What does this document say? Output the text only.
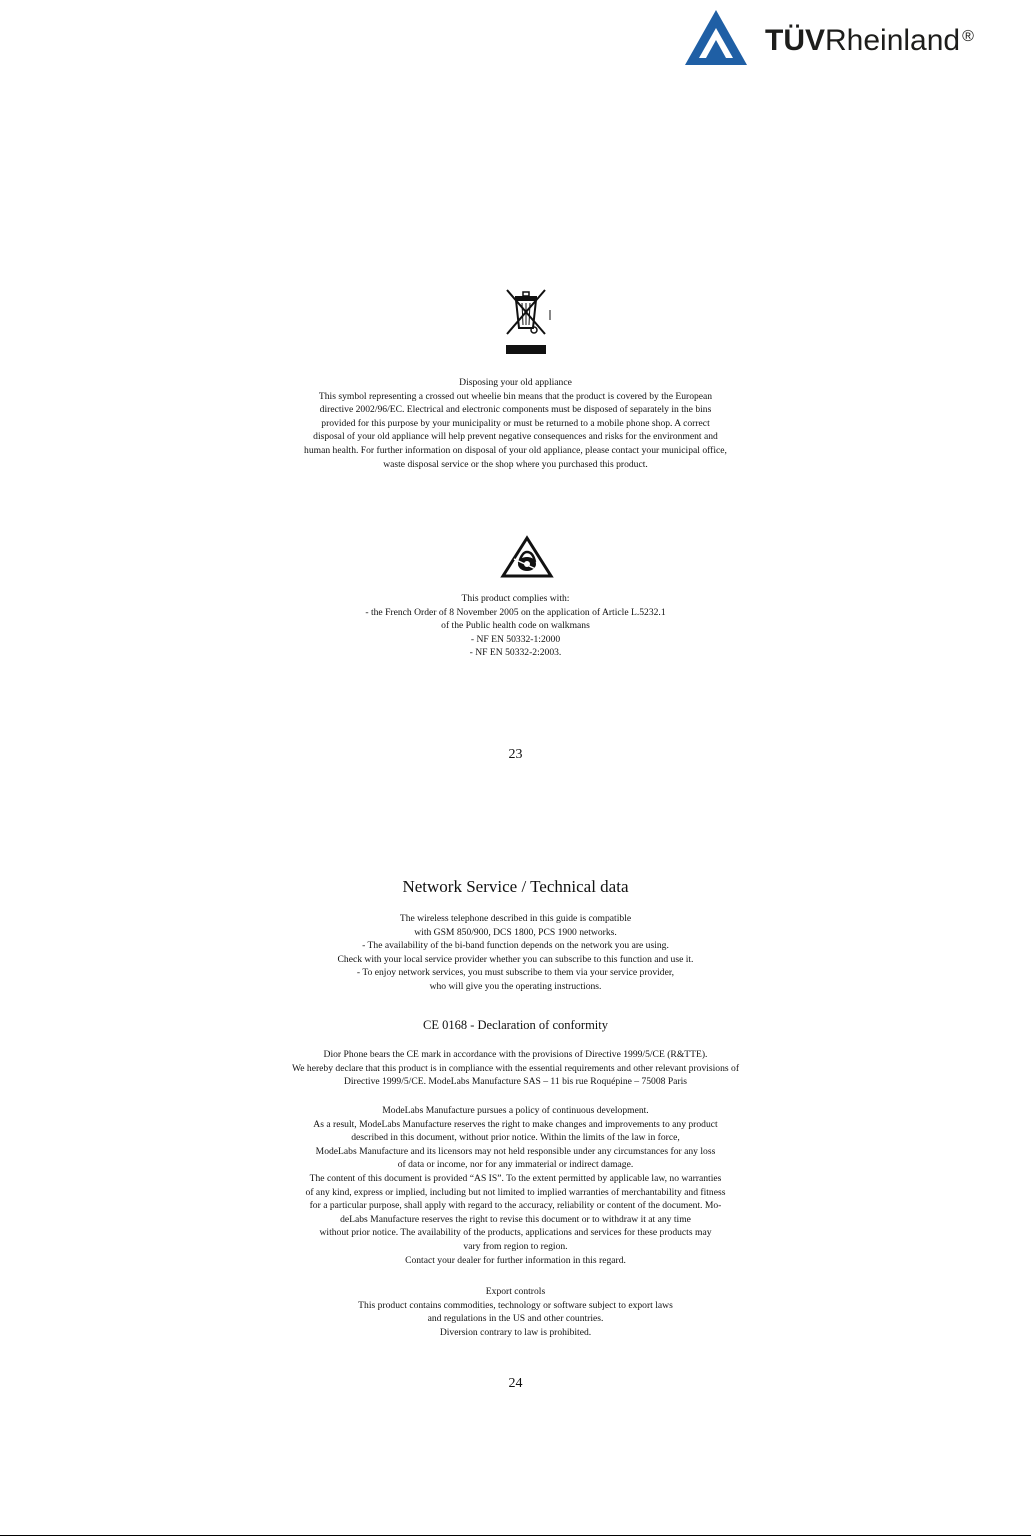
TÜVRheinland ®
Disposing your old appliance
This symbol representing a crossed out wheelie bin means that the product is covered by the European
directive 2002/96/EC. Electrical and electronic components must be disposed of separately in the bins
provided for this purpose by your municipality or must be returned to a mobile phone shop. A correct
disposal of your old appliance will help prevent negative consequences and risks for the environment and
human health. For further information on disposal of your old appliance, please contact your municipal office,
waste disposal service or the shop where you purchased this product.
This product complies with:
- the French Order of 8 November 2005 on the application of Article L.5232.1
of the Public health code on walkmans
- NF EN 50332-1:2000
- NF EN 50332-2:2003.
23
Network Service / Technical data
The wireless telephone described in this guide is compatible
with GSM 850/900, DCS 1800, PCS 1900 networks.
- The availability of the bi-band function depends on the network you are using.
Check with your local service provider whether you can subscribe to this function and use it.
- To enjoy network services, you must subscribe to them via your service provider,
who will give you the operating instructions.
CE 0168 - Declaration of conformity
Dior Phone bears the CE mark in accordance with the provisions of Directive 1999/5/CE (R&TTE).
We hereby declare that this product is in compliance with the essential requirements and other relevant provisions of
Directive 1999/5/CE. ModeLabs Manufacture SAS – 11 bis rue Roquépine – 75008 Paris
ModeLabs Manufacture pursues a policy of continuous development.
As a result, ModeLabs Manufacture reserves the right to make changes and improvements to any product
described in this document, without prior notice. Within the limits of the law in force,
ModeLabs Manufacture and its licensors may not held responsible under any circumstances for any loss
of data or income, nor for any immaterial or indirect damage.
The content of this document is provided “AS IS”. To the extent permitted by applicable law, no warranties
of any kind, express or implied, including but not limited to implied warranties of merchantability and fitness
for a particular purpose, shall apply with regard to the accuracy, reliability or content of the document. Mo-
deLabs Manufacture reserves the right to revise this document or to withdraw it at any time
without prior notice. The availability of the products, applications and services for these products may
vary from region to region.
Contact your dealer for further information in this regard.
Export controls
This product contains commodities, technology or software subject to export laws
and regulations in the US and other countries.
Diversion contrary to law is prohibited.
24
